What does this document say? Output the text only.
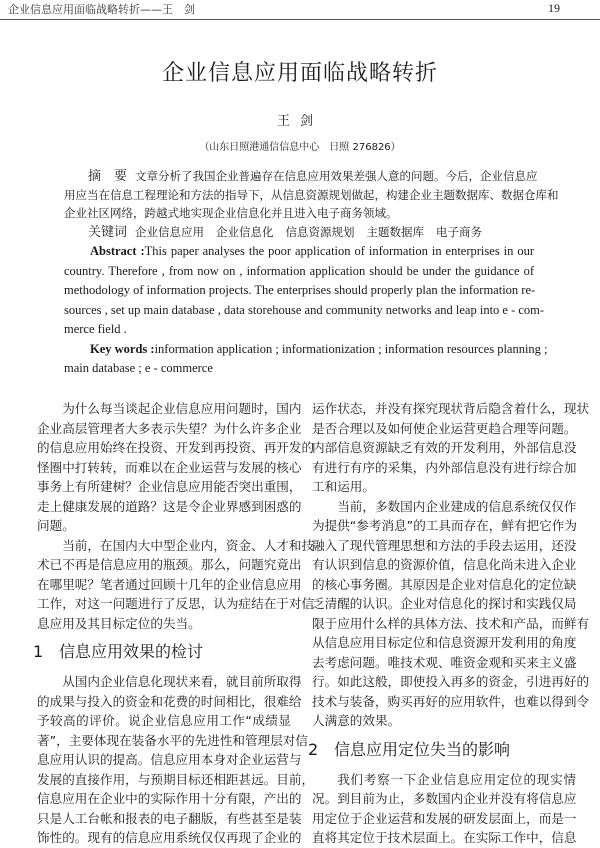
企业信息应用面临战略转折——王　剑	19
企业信息应用面临战略转折
王剑
（山东日照港通信信息中心　日照 276826）
摘　要 文章分析了我国企业普遍存在信息应用效果差强人意的问题。今后，企业信息应
用应当在信息工程理论和方法的指导下，从信息资源规划做起，构建企业主题数据库、数据仓库和
企业社区网络，跨越式地实现企业信息化并且进入电子商务领域。
关键词 企业信息应用 企业信息化 信息资源规划 主题数据库 电子商务
Abstract :This paper analyses the poor application of information in enterprises in our
country. Therefore , from now on , information application should be under the guidance of
methodology of information projects. The enterprises should properly plan the information re-
sources , set up main database , data storehouse and community networks and leap into e - com-
merce field .
Key words :information application ; informationization ; information resources planning ;
main database ; e - commerce
为什么每当谈起企业信息应用问题时，国内
企业高层管理者大多表示失望？为什么许多企业
的信息应用始终在投资、开发到再投资、再开发的
怪圈中打转转，而难以在企业运营与发展的核心
事务上有所建树？企业信息应用能否突出重围，
走上健康发展的道路？这是令企业界感到困惑的
问题。
当前，在国内大中型企业内，资金、人才和技
术已不再是信息应用的瓶颈。那么，问题究竟出
在哪里呢？笔者通过回顾十几年的企业信息应用
工作，对这一问题进行了反思，认为症结在于对信
息应用及其目标定位的失当。
1 信息应用效果的检讨
从国内企业信息化现状来看，就目前所取得
的成果与投入的资金和花费的时间相比，很难给
予较高的评价。说企业信息应用工作“成绩显
著”，主要体现在装备水平的先进性和管理层对信
息应用认识的提高。信息应用本身对企业运营与
发展的直接作用，与预期目标还相距甚远。目前，
信息应用在企业中的实际作用十分有限，产出的
只是人工台帐和报表的电子翻版，有些甚至是装
饰性的。现有的信息应用系统仅仅再现了企业的
运作状态，并没有探究现状背后隐含着什么，现状
是否合理以及如何使企业运营更趋合理等问题。
内部信息资源缺乏有效的开发利用，外部信息没
有进行有序的采集，内外部信息没有进行综合加
工和运用。
当前，多数国内企业建成的信息系统仅仅作
为提供“参考消息”的工具而存在，鲜有把它作为
融入了现代管理思想和方法的手段去运用，还没
有认识到信息的资源价值，信息化尚未进入企业
的核心事务圈。其原因是企业对信息化的定位缺
乏清醒的认识。企业对信息化的探讨和实践仅局
限于应用什么样的具体方法、技术和产品，而鲜有
从信息应用目标定位和信息资源开发利用的角度
去考虑问题。唯技术观、唯资金观和买来主义盛
行。如此这般，即使投入再多的资金，引进再好的
技术与装备，购买再好的应用软件，也难以得到令
人满意的效果。
2 信息应用定位失当的影响
我们考察一下企业信息应用定位的现实情
况。到目前为止，多数国内企业并没有将信息应
用定位于企业运营和发展的研发层面上，而是一
直将其定位于技术层面上。在实际工作中，信息
